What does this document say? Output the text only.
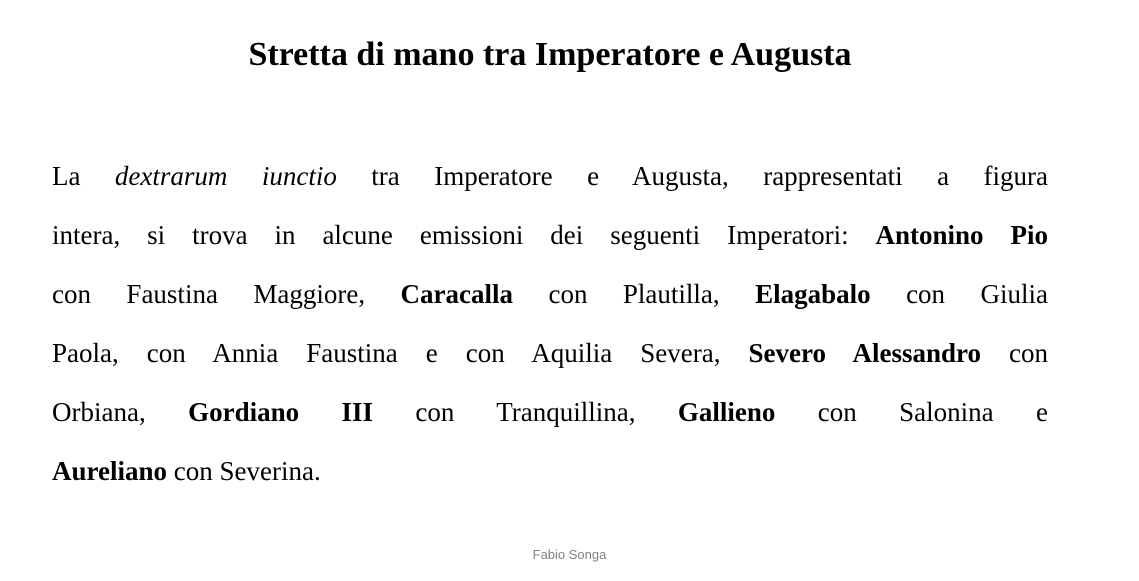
Stretta di mano tra Imperatore e Augusta
La dextrarum iunctio tra Imperatore e Augusta, rappresentati a figura
intera, si trova in alcune emissioni dei seguenti Imperatori: Antonino Pio
con Faustina Maggiore, Caracalla con Plautilla, Elagabalo con Giulia
Paola, con Annia Faustina e con Aquilia Severa, Severo Alessandro con
Orbiana, Gordiano III con Tranquillina, Gallieno con Salonina e
Aureliano con Severina.
Fabio Songa
